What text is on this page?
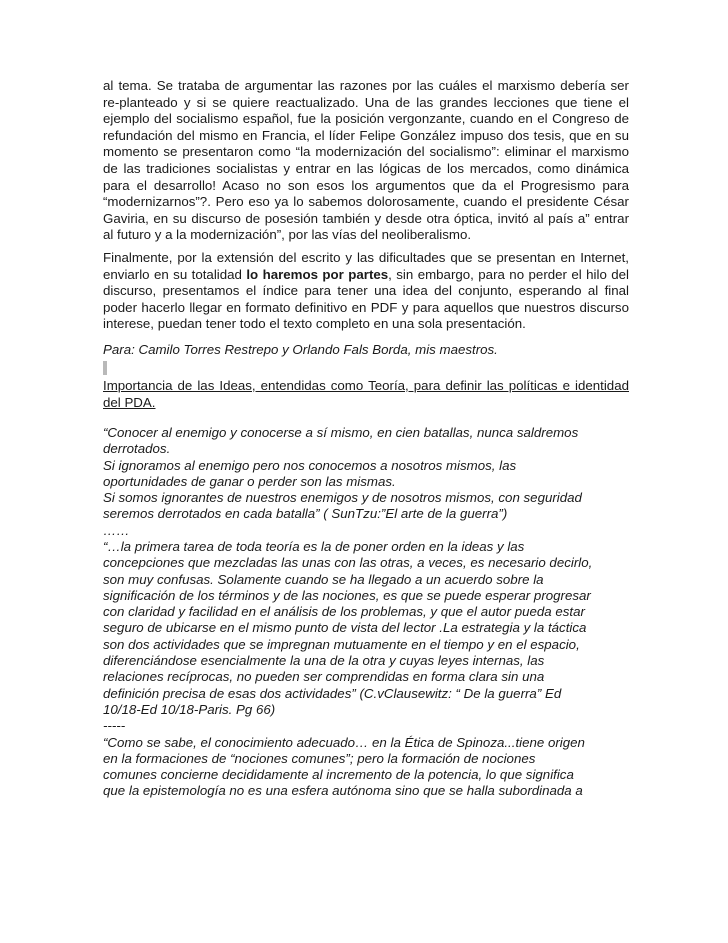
al tema. Se trataba de argumentar las razones por las cuáles el marxismo debería ser re-planteado y si se quiere reactualizado. Una de las grandes lecciones que tiene el ejemplo del socialismo español, fue la posición vergonzante, cuando en el Congreso de refundación del mismo en Francia, el líder Felipe González impuso dos tesis, que en su momento se presentaron como “la modernización del socialismo”: eliminar el marxismo de las tradiciones socialistas y entrar en las lógicas de los mercados, como dinámica para el desarrollo! Acaso no son esos los argumentos que da el Progresismo para “modernizarnos”?. Pero eso ya lo sabemos dolorosamente, cuando el presidente César Gaviria, en su discurso de posesión también y desde otra óptica, invitó al país a” entrar al futuro y a la modernización”, por las vías del neoliberalismo.
Finalmente, por la extensión del escrito y las dificultades que se presentan en Internet, enviarlo en su totalidad lo haremos por partes, sin embargo, para no perder el hilo del discurso, presentamos el índice para tener una idea del conjunto, esperando al final poder hacerlo llegar en formato definitivo en PDF y para aquellos que nuestros discurso interese, puedan tener todo el texto completo en una sola presentación.

Para: Camilo Torres Restrepo y Orlando Fals Borda, mis maestros.

Importancia de las Ideas, entendidas como Teoría, para definir las políticas e identidad del PDA.

“Conocer al enemigo y conocerse a sí mismo, en cien batallas, nunca saldremos
derrotados.
Si ignoramos al enemigo pero nos conocemos a nosotros mismos, las
oportunidades de ganar o perder son las mismas.
Si somos ignorantes de nuestros enemigos y de nosotros mismos, con seguridad
seremos derrotados en cada batalla” ( SunTzu:”El arte de la guerra”)
……
“…la primera tarea de toda teoría es la de poner orden en la ideas y las
concepciones que mezcladas las unas con las otras, a veces, es necesario decirlo,
son muy confusas. Solamente cuando se ha llegado a un acuerdo sobre la
significación de los términos y de las nociones, es que se puede esperar progresar
con claridad y facilidad en el análisis de los problemas, y que el autor pueda estar
seguro de ubicarse en el mismo punto de vista del lector .La estrategia y la táctica
son dos actividades que se impregnan mutuamente en el tiempo y en el espacio,
diferenciándose esencialmente la una de la otra y cuyas leyes internas, las
relaciones recíprocas, no pueden ser comprendidas en forma clara sin una
definición precisa de esas dos actividades” (C.vClausewitz: “ De la guerra” Ed
10/18-Ed 10/18-Paris. Pg 66)
-----
“Como se sabe, el conocimiento adecuado… en la Ética de Spinoza...tiene origen
en la formaciones de “nociones comunes”; pero la formación de nociones
comunes concierne decididamente al incremento de la potencia, lo que significa
que la epistemología no es una esfera autónoma sino que se halla subordinada a
